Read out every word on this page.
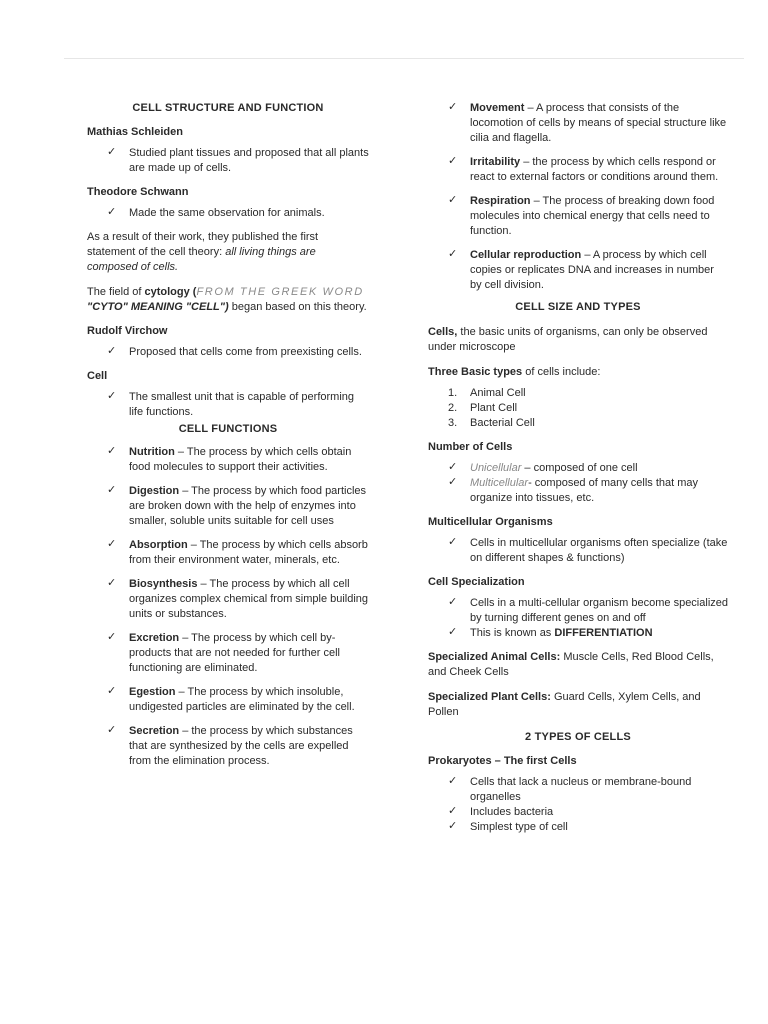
CELL STRUCTURE AND FUNCTION
Mathias Schleiden
✓ Studied plant tissues and proposed that all plants are made up of cells.
Theodore Schwann
✓ Made the same observation for animals.
As a result of their work, they published the first statement of the cell theory: all living things are composed of cells.
The field of cytology (FROM THE GREEK WORD "CYTO" MEANING "CELL") began based on this theory.
Rudolf Virchow
✓ Proposed that cells come from preexisting cells.
Cell
✓ The smallest unit that is capable of performing life functions.
CELL FUNCTIONS
✓ Nutrition – The process by which cells obtain food molecules to support their activities.
✓ Digestion – The process by which food particles are broken down with the help of enzymes into smaller, soluble units suitable for cell uses
✓ Absorption – The process by which cells absorb from their environment water, minerals, etc.
✓ Biosynthesis – The process by which all cell organizes complex chemical from simple building units or substances.
✓ Excretion – The process by which cell by-products that are not needed for further cell functioning are eliminated.
✓ Egestion – The process by which insoluble, undigested particles are eliminated by the cell.
✓ Secretion – the process by which substances that are synthesized by the cells are expelled from the elimination process.
✓ Movement – A process that consists of the locomotion of cells by means of special structure like cilia and flagella.
✓ Irritability – the process by which cells respond or react to external factors or conditions around them.
✓ Respiration – The process of breaking down food molecules into chemical energy that cells need to function.
✓ Cellular reproduction – A process by which cell copies or replicates DNA and increases in number by cell division.
CELL SIZE AND TYPES
Cells, the basic units of organisms, can only be observed under microscope
Three Basic types of cells include:
1. Animal Cell
2. Plant Cell
3. Bacterial Cell
Number of Cells
✓ Unicellular – composed of one cell
✓ Multicellular- composed of many cells that may organize into tissues, etc.
Multicellular Organisms
✓ Cells in multicellular organisms often specialize (take on different shapes & functions)
Cell Specialization
✓ Cells in a multi-cellular organism become specialized by turning different genes on and off
✓ This is known as DIFFERENTIATION
Specialized Animal Cells: Muscle Cells, Red Blood Cells, and Cheek Cells
Specialized Plant Cells: Guard Cells, Xylem Cells, and Pollen
2 TYPES OF CELLS
Prokaryotes – The first Cells
✓ Cells that lack a nucleus or membrane-bound organelles
✓ Includes bacteria
✓ Simplest type of cell
